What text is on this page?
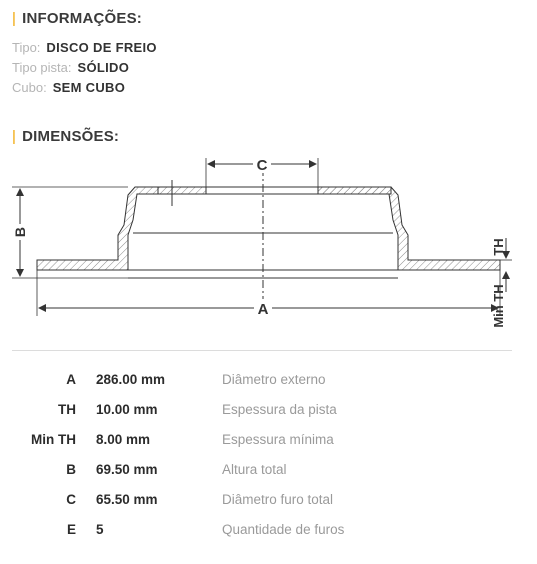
| INFORMAÇÕES:
Tipo: DISCO DE FREIO
Tipo pista: SÓLIDO
Cubo: SEM CUBO
| DIMENSÕES:
C
B
A
TH
Min TH
A 286.00 mm	Diâmetro externo
TH 10.00 mm	Espessura da pista
Min TH 8.00 mm	Espessura mínima
B 69.50 mm	Altura total
C 65.50 mm	Diâmetro furo total
E 5	Quantidade de furos
